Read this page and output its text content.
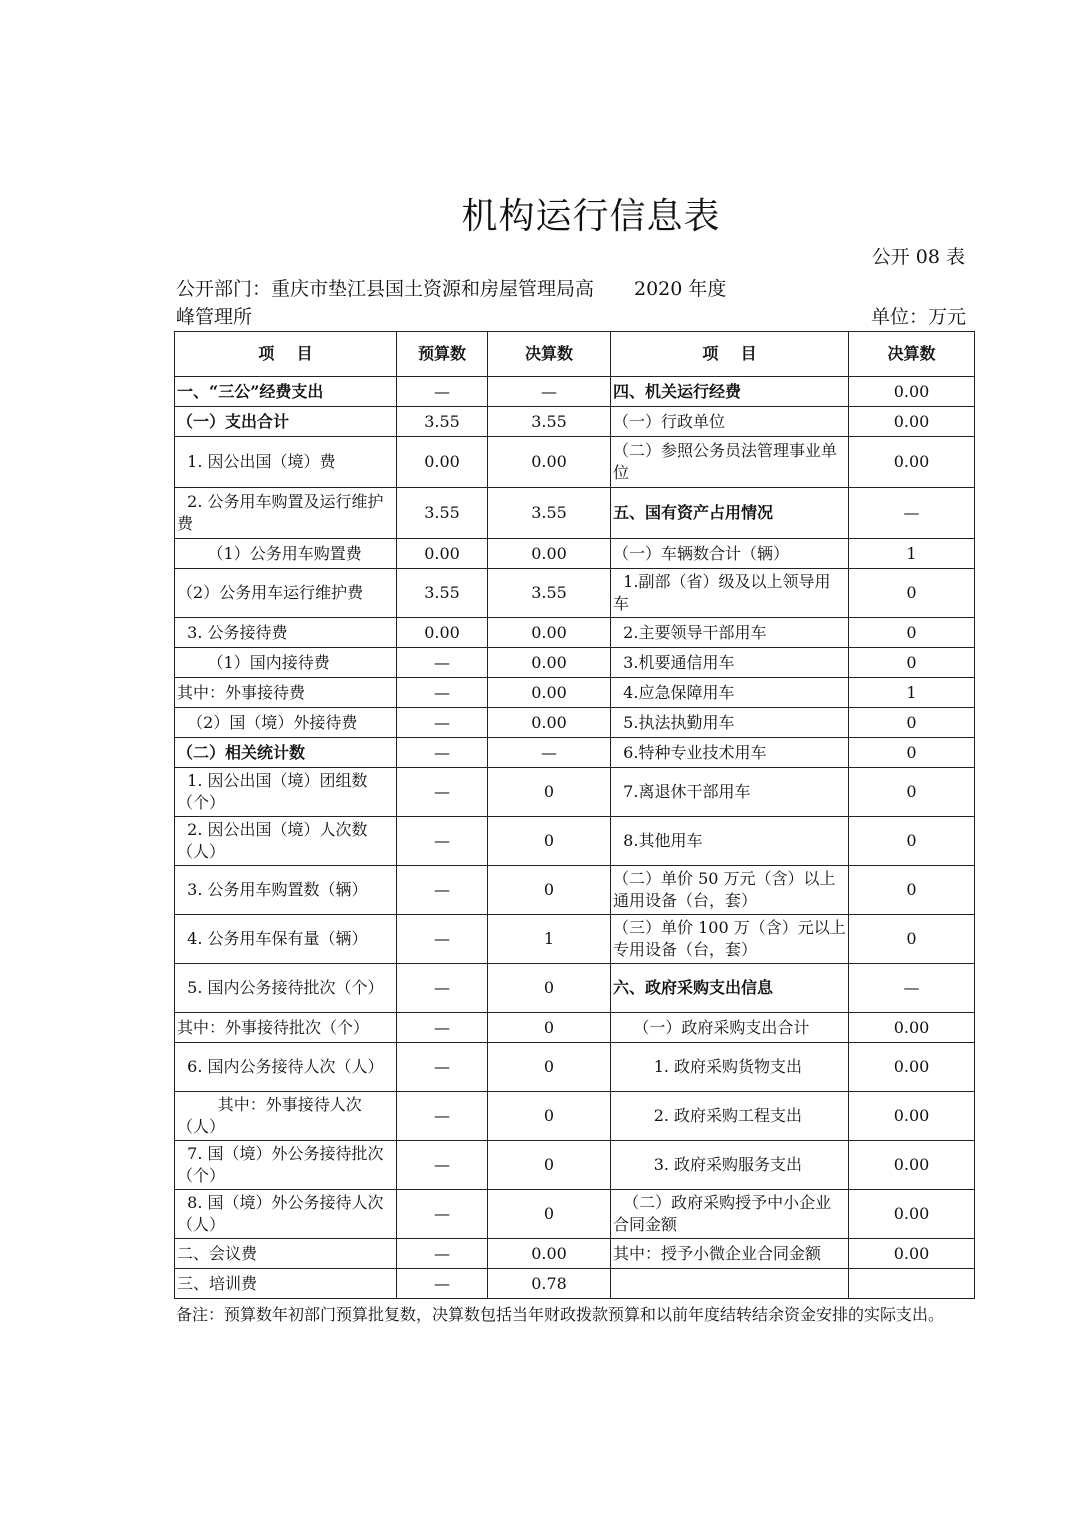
机构运行信息表
公开 08 表
公开部门：重庆市垫江县国土资源和房屋管理局高峰管理所
2020 年度
单位：万元
项    目	预算数	决算数	项    目	决算数
一、“三公”经费支出	—	—	四、机关运行经费	0.00
（一）支出合计	3.55	3.55	（一）行政单位	0.00
1. 因公出国（境）费	0.00	0.00	（二）参照公务员法管理事业单位	0.00
2. 公务用车购置及运行维护费	3.55	3.55	五、国有资产占用情况	—
（1）公务用车购置费	0.00	0.00	（一）车辆数合计（辆）	1
（2）公务用车运行维护费	3.55	3.55	1.副部（省）级及以上领导用车	0
3. 公务接待费	0.00	0.00	2.主要领导干部用车	0
（1）国内接待费	—	0.00	3.机要通信用车	0
其中：外事接待费	—	0.00	4.应急保障用车	1
（2）国（境）外接待费	—	0.00	5.执法执勤用车	0
（二）相关统计数	—	—	6.特种专业技术用车	0
1. 因公出国（境）团组数（个）	—	0	7.离退休干部用车	0
2. 因公出国（境）人次数（人）	—	0	8.其他用车	0
3. 公务用车购置数（辆）	—	0	（二）单价 50 万元（含）以上通用设备（台，套）	0
4. 公务用车保有量（辆）	—	1	（三）单价 100 万（含）元以上专用设备（台，套）	0
5. 国内公务接待批次（个）	—	0	六、政府采购支出信息	—
其中：外事接待批次（个）	—	0	（一）政府采购支出合计	0.00
6. 国内公务接待人次（人）	—	0	1. 政府采购货物支出	0.00
其中：外事接待人次（人）	—	0	2. 政府采购工程支出	0.00
7. 国（境）外公务接待批次（个）	—	0	3. 政府采购服务支出	0.00
8. 国（境）外公务接待人次（人）	—	0	（二）政府采购授予中小企业合同金额	0.00
二、会议费	—	0.00	其中：授予小微企业合同金额	0.00
三、培训费	—	0.78		
备注：预算数年初部门预算批复数，决算数包括当年财政拨款预算和以前年度结转结余资金安排的实际支出。
